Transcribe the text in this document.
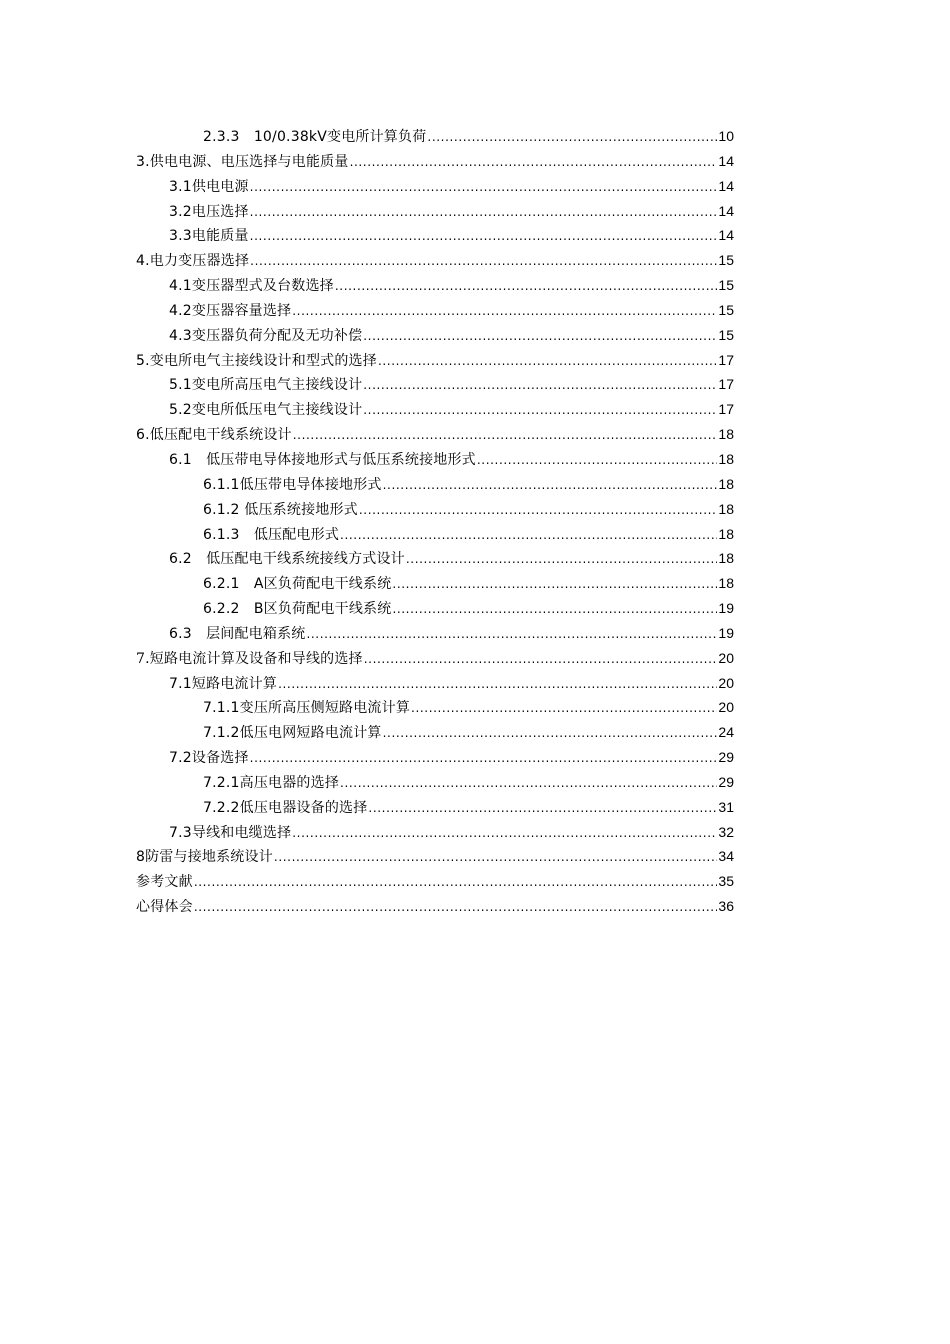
2.3.3　10/0.38kV变电所计算负荷 .....	10
3.供电电源、电压选择与电能质量 .....	14
3.1供电电源 .....	14
3.2电压选择 .....	14
3.3电能质量 .....	14
4.电力变压器选择 .....	15
4.1变压器型式及台数选择 .....	15
4.2变压器容量选择 .....	15
4.3变压器负荷分配及无功补偿 .....	15
5.变电所电气主接线设计和型式的选择 .....	17
5.1变电所高压电气主接线设计 .....	17
5.2变电所低压电气主接线设计 .....	17
6.低压配电干线系统设计 .....	18
6.1　低压带电导体接地形式与低压系统接地形式 .....	18
6.1.1低压带电导体接地形式 .....	18
6.1.2 低压系统接地形式 .....	18
6.1.3　低压配电形式 .....	18
6.2　低压配电干线系统接线方式设计 .....	18
6.2.1　A区负荷配电干线系统 .....	18
6.2.2　B区负荷配电干线系统 .....	19
6.3　层间配电箱系统 .....	19
7.短路电流计算及设备和导线的选择 .....	20
7.1短路电流计算 .....	20
7.1.1变压所高压侧短路电流计算 .....	20
7.1.2低压电网短路电流计算 .....	24
7.2设备选择 .....	29
7.2.1高压电器的选择 .....	29
7.2.2低压电器设备的选择 .....	31
7.3导线和电缆选择 .....	32
8防雷与接地系统设计 .....	34
参考文献 .....	35
心得体会 .....	36
